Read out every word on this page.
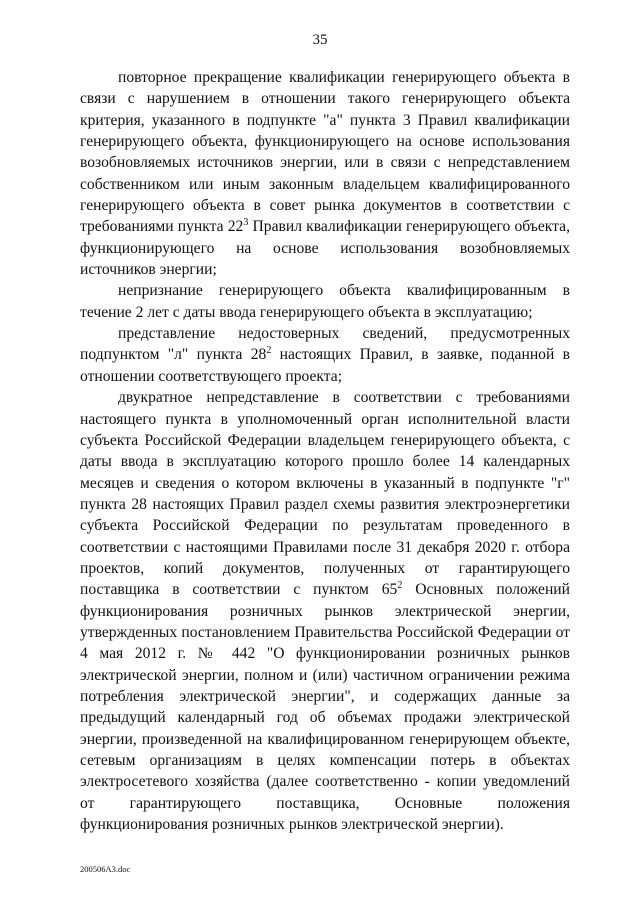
35

повторное прекращение квалификации генерирующего объекта в связи с нарушением в отношении такого генерирующего объекта критерия, указанного в подпункте "а" пункта 3 Правил квалификации генерирующего объекта, функционирующего на основе использования возобновляемых источников энергии, или в связи с непредставлением собственником или иным законным владельцем квалифицированного генерирующего объекта в совет рынка документов в соответствии с требованиями пункта $22^3$ Правил квалификации генерирующего объекта, функционирующего на основе использования возобновляемых источников энергии;

непризнание генерирующего объекта квалифицированным в течение 2 лет с даты ввода генерирующего объекта в эксплуатацию;

представление недостоверных сведений, предусмотренных подпунктом "л" пункта $28^2$ настоящих Правил, в заявке, поданной в отношении соответствующего проекта;

двукратное непредставление в соответствии с требованиями настоящего пункта в уполномоченный орган исполнительной власти субъекта Российской Федерации владельцем генерирующего объекта, с даты ввода в эксплуатацию которого прошло более 14 календарных месяцев и сведения о котором включены в указанный в подпункте "г" пункта 28 настоящих Правил раздел схемы развития электроэнергетики субъекта Российской Федерации по результатам проведенного в соответствии с настоящими Правилами после 31 декабря 2020 г. отбора проектов, копий документов, полученных от гарантирующего поставщика в соответствии с пунктом $65^2$ Основных положений функционирования розничных рынков электрической энергии, утвержденных постановлением Правительства Российской Федерации от 4 мая 2012 г. № 442 "О функционировании розничных рынков электрической энергии, полном и (или) частичном ограничении режима потребления электрической энергии", и содержащих данные за предыдущий календарный год об объемах продажи электрической энергии, произведенной на квалифицированном генерирующем объекте, сетевым организациям в целях компенсации потерь в объектах электросетевого хозяйства (далее соответственно - копии уведомлений от гарантирующего поставщика, Основные положения функционирования розничных рынков электрической энергии).

200506А3.doc
